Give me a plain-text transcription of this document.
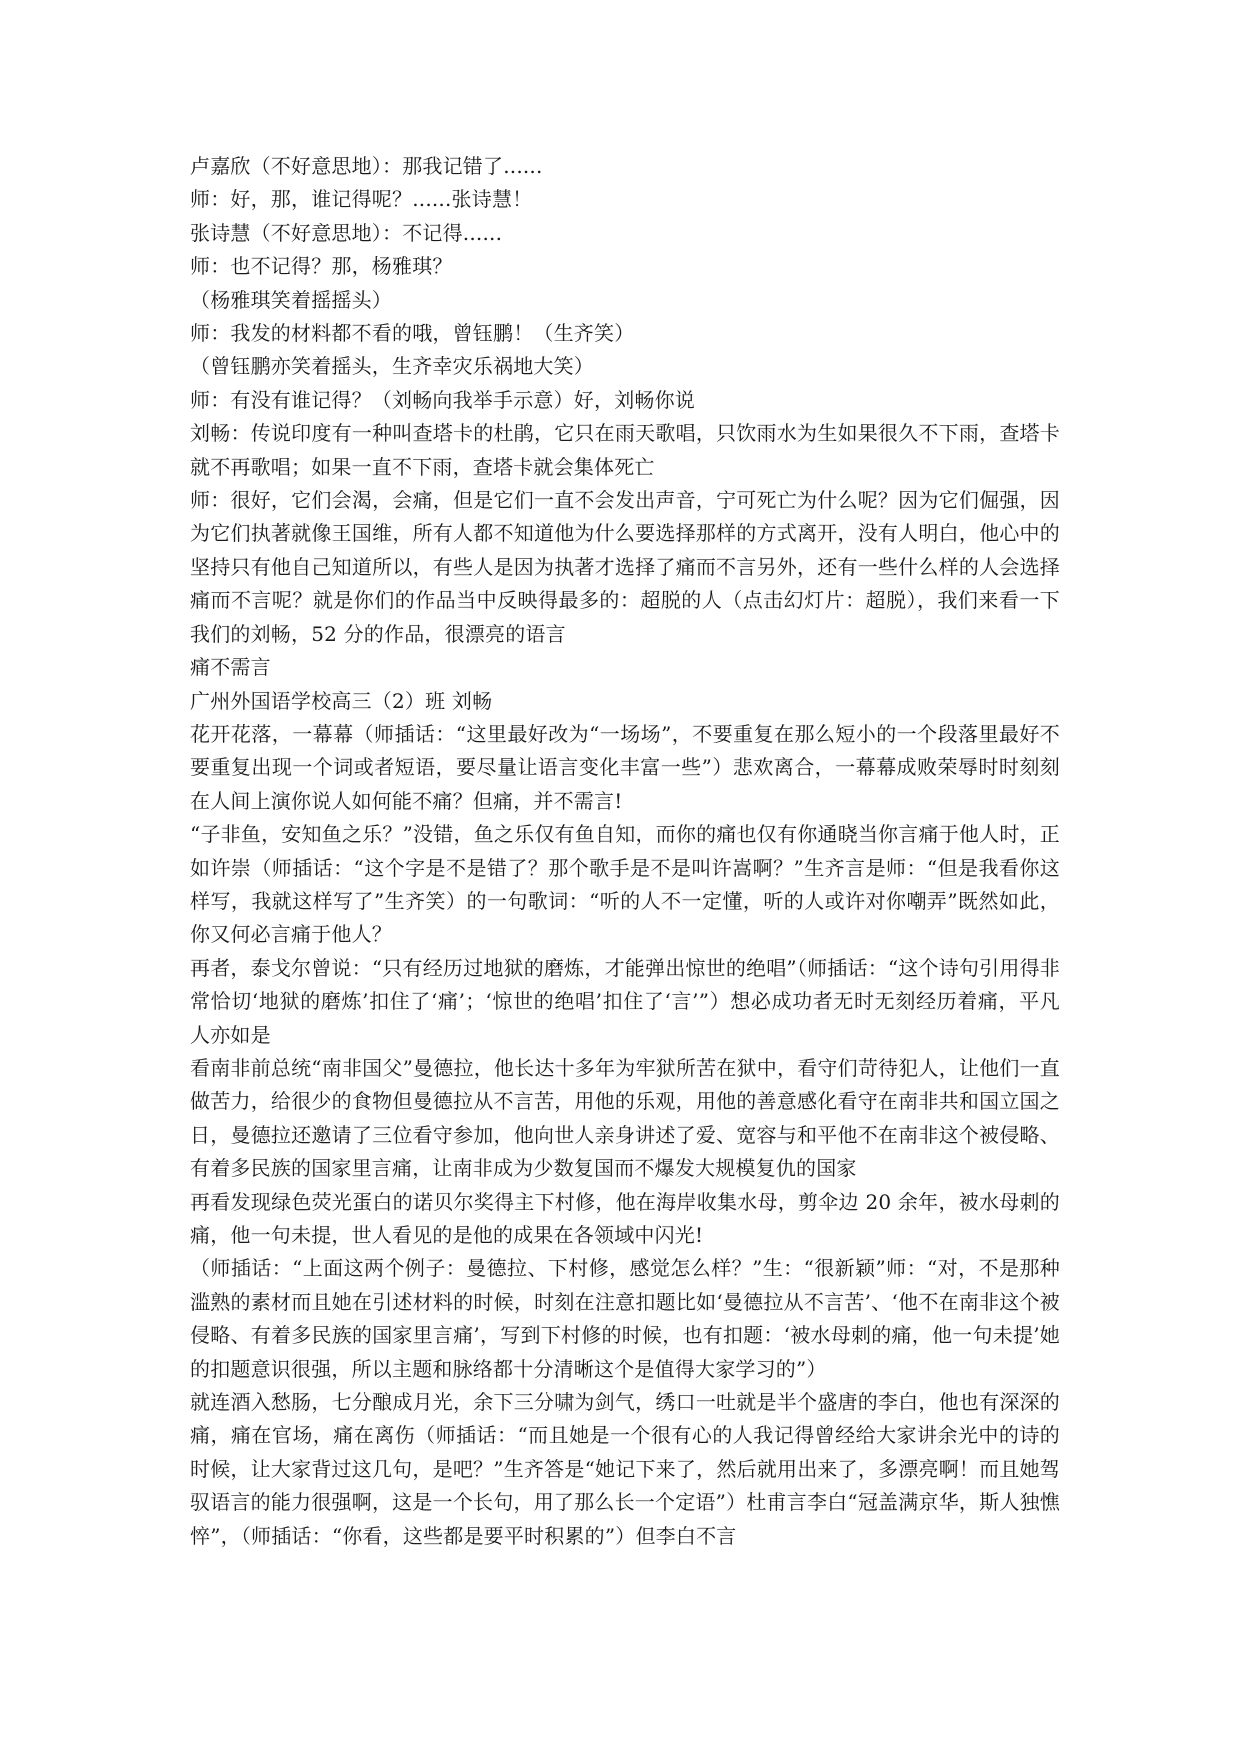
卢嘉欣（不好意思地）：那我记错了......

师：好，那，谁记得呢？......张诗慧！

张诗慧（不好意思地）：不记得......

师：也不记得？那，杨雅琪？

（杨雅琪笑着摇摇头）

师：我发的材料都不看的哦，曾钰鹏！（生齐笑）

（曾钰鹏亦笑着摇头，生齐幸灾乐祸地大笑）

师：有没有谁记得？（刘畅向我举手示意）好，刘畅你说

刘畅：传说印度有一种叫查塔卡的杜鹃，它只在雨天歌唱，只饮雨水为生如果很久不下雨，查塔卡就不再歌唱；如果一直不下雨，查塔卡就会集体死亡

师：很好，它们会渴，会痛，但是它们一直不会发出声音，宁可死亡为什么呢？因为它们倔强，因为它们执著就像王国维，所有人都不知道他为什么要选择那样的方式离开，没有人明白，他心中的坚持只有他自己知道所以，有些人是因为执著才选择了痛而不言另外，还有一些什么样的人会选择痛而不言呢？就是你们的作品当中反映得最多的：超脱的人（点击幻灯片：超脱），我们来看一下我们的刘畅，52 分的作品，很漂亮的语言

痛不需言

广州外国语学校高三（2）班 刘畅

花开花落，一幕幕（师插话：“这里最好改为“一场场”，不要重复在那么短小的一个段落里最好不要重复出现一个词或者短语，要尽量让语言变化丰富一些”）悲欢离合，一幕幕成败荣辱时时刻刻在人间上演你说人如何能不痛？但痛，并不需言!

“子非鱼，安知鱼之乐？”没错，鱼之乐仅有鱼自知，而你的痛也仅有你通晓当你言痛于他人时，正如许崇（师插话：“这个字是不是错了？那个歌手是不是叫许嵩啊？”生齐言是师：“但是我看你这样写，我就这样写了”生齐笑）的一句歌词：“听的人不一定懂，听的人或许对你嘲弄”既然如此，你又何必言痛于他人？

再者，泰戈尔曾说：“只有经历过地狱的磨炼，才能弹出惊世的绝唱”（师插话：“这个诗句引用得非常恰切‘地狱的磨炼’扣住了‘痛’；‘惊世的绝唱’扣住了‘言’”）想必成功者无时无刻经历着痛，平凡人亦如是

看南非前总统“南非国父”曼德拉，他长达十多年为牢狱所苦在狱中，看守们苛待犯人，让他们一直做苦力，给很少的食物但曼德拉从不言苦，用他的乐观，用他的善意感化看守在南非共和国立国之日，曼德拉还邀请了三位看守参加，他向世人亲身讲述了爱、宽容与和平他不在南非这个被侵略、有着多民族的国家里言痛，让南非成为少数复国而不爆发大规模复仇的国家

再看发现绿色荧光蛋白的诺贝尔奖得主下村修，他在海岸收集水母，剪伞边 20 余年，被水母刺的痛，他一句未提，世人看见的是他的成果在各领域中闪光!

（师插话：“上面这两个例子：曼德拉、下村修，感觉怎么样？”生：“很新颖”师：“对，不是那种滥熟的素材而且她在引述材料的时候，时刻在注意扣题比如‘曼德拉从不言苦’、‘他不在南非这个被侵略、有着多民族的国家里言痛’，写到下村修的时候，也有扣题：‘被水母刺的痛，他一句未提’她的扣题意识很强，所以主题和脉络都十分清晰这个是值得大家学习的”）

就连酒入愁肠，七分酿成月光，余下三分啸为剑气，绣口一吐就是半个盛唐的李白，他也有深深的痛，痛在官场，痛在离伤（师插话：“而且她是一个很有心的人我记得曾经给大家讲余光中的诗的时候，让大家背过这几句，是吧？”生齐答是“她记下来了，然后就用出来了，多漂亮啊！而且她驾驭语言的能力很强啊，这是一个长句，用了那么长一个定语”）杜甫言李白“冠盖满京华，斯人独憔悴”，（师插话：“你看，这些都是要平时积累的”）但李白不言
